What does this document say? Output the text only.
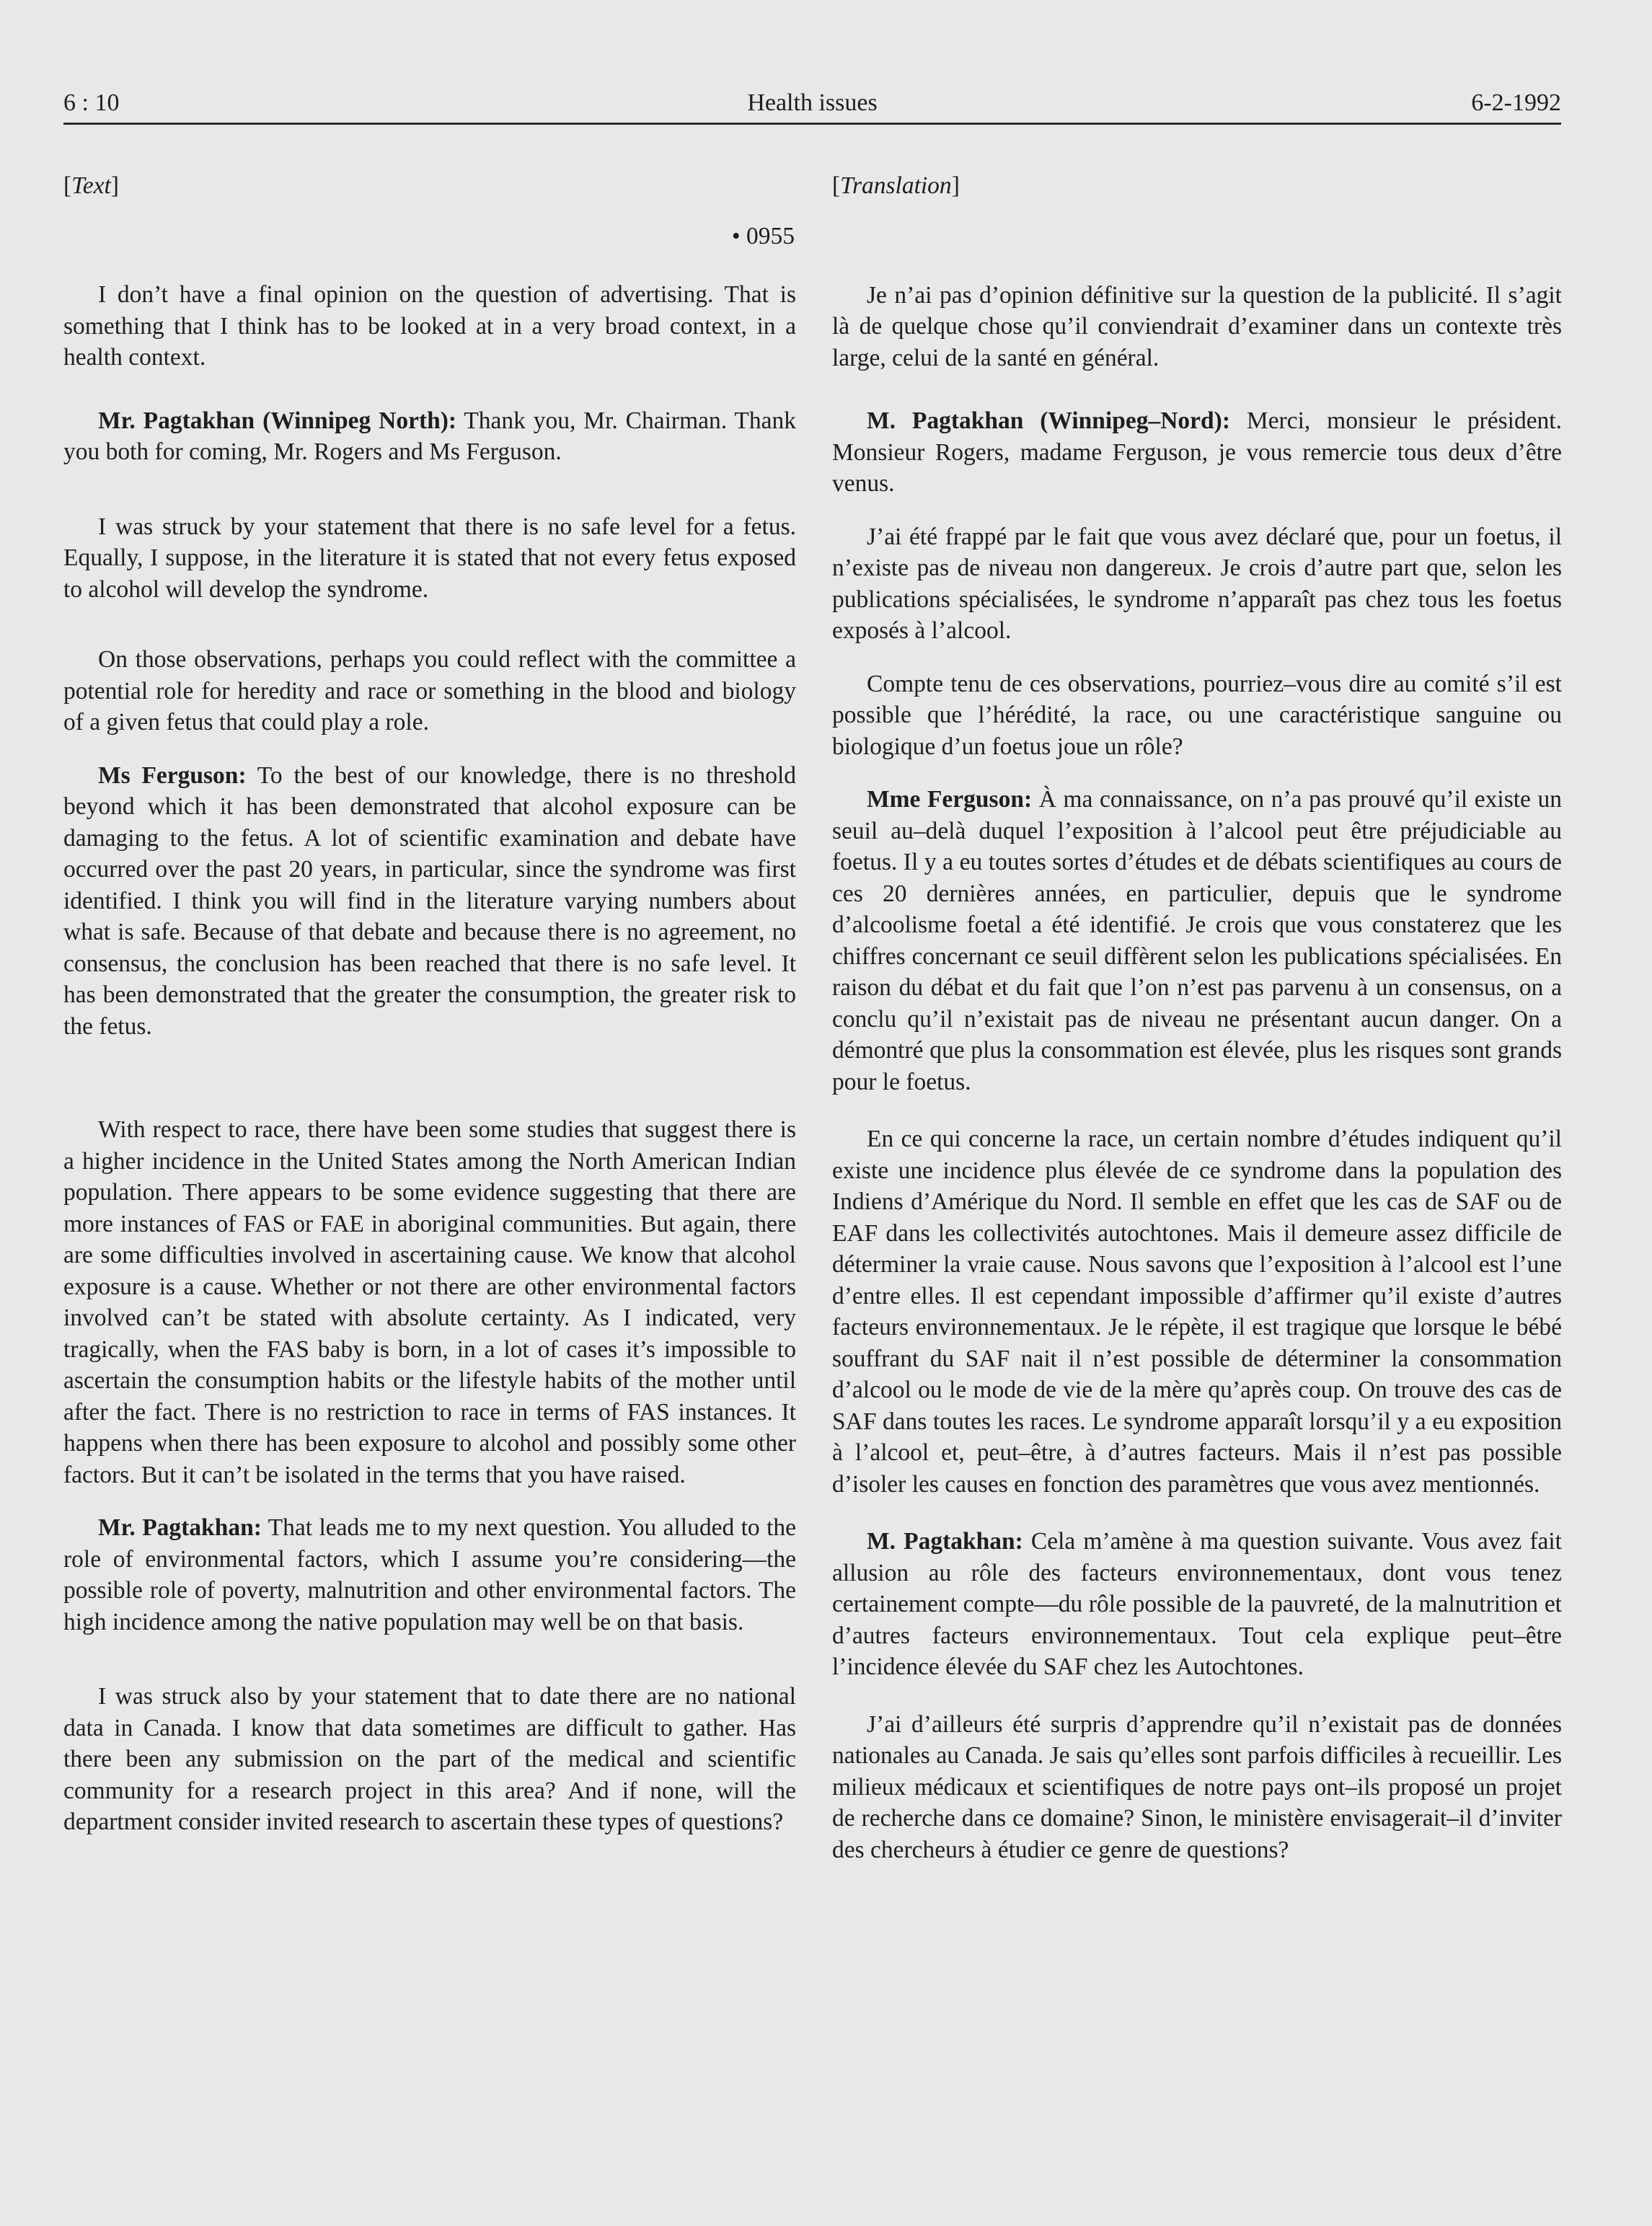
6 : 10	Health issues	6-2-1992
[Text]
• 0955

I don’t have a final opinion on the question of advertising. That is something that I think has to be looked at in a very broad context, in a health context.

Mr. Pagtakhan (Winnipeg North): Thank you, Mr. Chairman. Thank you both for coming, Mr. Rogers and Ms Ferguson.

I was struck by your statement that there is no safe level for a fetus. Equally, I suppose, in the literature it is stated that not every fetus exposed to alcohol will develop the syndrome.

On those observations, perhaps you could reflect with the committee a potential role for heredity and race or something in the blood and biology of a given fetus that could play a role.

Ms Ferguson: To the best of our knowledge, there is no threshold beyond which it has been demonstrated that alcohol exposure can be damaging to the fetus. A lot of scientific examination and debate have occurred over the past 20 years, in particular, since the syndrome was first identified. I think you will find in the literature varying numbers about what is safe. Because of that debate and because there is no agreement, no consensus, the conclusion has been reached that there is no safe level. It has been demonstrated that the greater the consumption, the greater risk to the fetus.

With respect to race, there have been some studies that suggest there is a higher incidence in the United States among the North American Indian population. There appears to be some evidence suggesting that there are more instances of FAS or FAE in aboriginal communities. But again, there are some difficulties involved in ascertaining cause. We know that alcohol exposure is a cause. Whether or not there are other environmental factors involved can’t be stated with absolute certainty. As I indicated, very tragically, when the FAS baby is born, in a lot of cases it’s impossible to ascertain the consumption habits or the lifestyle habits of the mother until after the fact. There is no restriction to race in terms of FAS instances. It happens when there has been exposure to alcohol and possibly some other factors. But it can’t be isolated in the terms that you have raised.

Mr. Pagtakhan: That leads me to my next question. You alluded to the role of environmental factors, which I assume you’re considering—the possible role of poverty, malnutrition and other environmental factors. The high incidence among the native population may well be on that basis.

I was struck also by your statement that to date there are no national data in Canada. I know that data sometimes are difficult to gather. Has there been any submission on the part of the medical and scientific community for a research project in this area? And if none, will the department consider invited research to ascertain these types of questions?

[Translation]

Je n’ai pas d’opinion définitive sur la question de la publicité. Il s’agit là de quelque chose qu’il conviendrait d’examiner dans un contexte très large, celui de la santé en général.

M. Pagtakhan (Winnipeg–Nord): Merci, monsieur le président. Monsieur Rogers, madame Ferguson, je vous remercie tous deux d’être venus.

J’ai été frappé par le fait que vous avez déclaré que, pour un foetus, il n’existe pas de niveau non dangereux. Je crois d’autre part que, selon les publications spécialisées, le syndrome n’apparaît pas chez tous les foetus exposés à l’alcool.

Compte tenu de ces observations, pourriez–vous dire au comité s’il est possible que l’hérédité, la race, ou une caractéristique sanguine ou biologique d’un foetus joue un rôle?

Mme Ferguson: À ma connaissance, on n’a pas prouvé qu’il existe un seuil au–delà duquel l’exposition à l’alcool peut être préjudiciable au foetus. Il y a eu toutes sortes d’études et de débats scientifiques au cours de ces 20 dernières années, en particulier, depuis que le syndrome d’alcoolisme foetal a été identifié. Je crois que vous constaterez que les chiffres concernant ce seuil diffèrent selon les publications spécialisées. En raison du débat et du fait que l’on n’est pas parvenu à un consensus, on a conclu qu’il n’existait pas de niveau ne présentant aucun danger. On a démontré que plus la consommation est élevée, plus les risques sont grands pour le foetus.

En ce qui concerne la race, un certain nombre d’études indiquent qu’il existe une incidence plus élevée de ce syndrome dans la population des Indiens d’Amérique du Nord. Il semble en effet que les cas de SAF ou de EAF dans les collectivités autochtones. Mais il demeure assez difficile de déterminer la vraie cause. Nous savons que l’exposition à l’alcool est l’une d’entre elles. Il est cependant impossible d’affirmer qu’il existe d’autres facteurs environnementaux. Je le répète, il est tragique que lorsque le bébé souffrant du SAF nait il n’est possible de déterminer la consommation d’alcool ou le mode de vie de la mère qu’après coup. On trouve des cas de SAF dans toutes les races. Le syndrome apparaît lorsqu’il y a eu exposition à l’alcool et, peut–être, à d’autres facteurs. Mais il n’est pas possible d’isoler les causes en fonction des paramètres que vous avez mentionnés.

M. Pagtakhan: Cela m’amène à ma question suivante. Vous avez fait allusion au rôle des facteurs environnementaux, dont vous tenez certainement compte—du rôle possible de la pauvreté, de la malnutrition et d’autres facteurs environnementaux. Tout cela explique peut–être l’incidence élevée du SAF chez les Autochtones.

J’ai d’ailleurs été surpris d’apprendre qu’il n’existait pas de données nationales au Canada. Je sais qu’elles sont parfois difficiles à recueillir. Les milieux médicaux et scientifiques de notre pays ont–ils proposé un projet de recherche dans ce domaine? Sinon, le ministère envisagerait–il d’inviter des chercheurs à étudier ce genre de questions?
